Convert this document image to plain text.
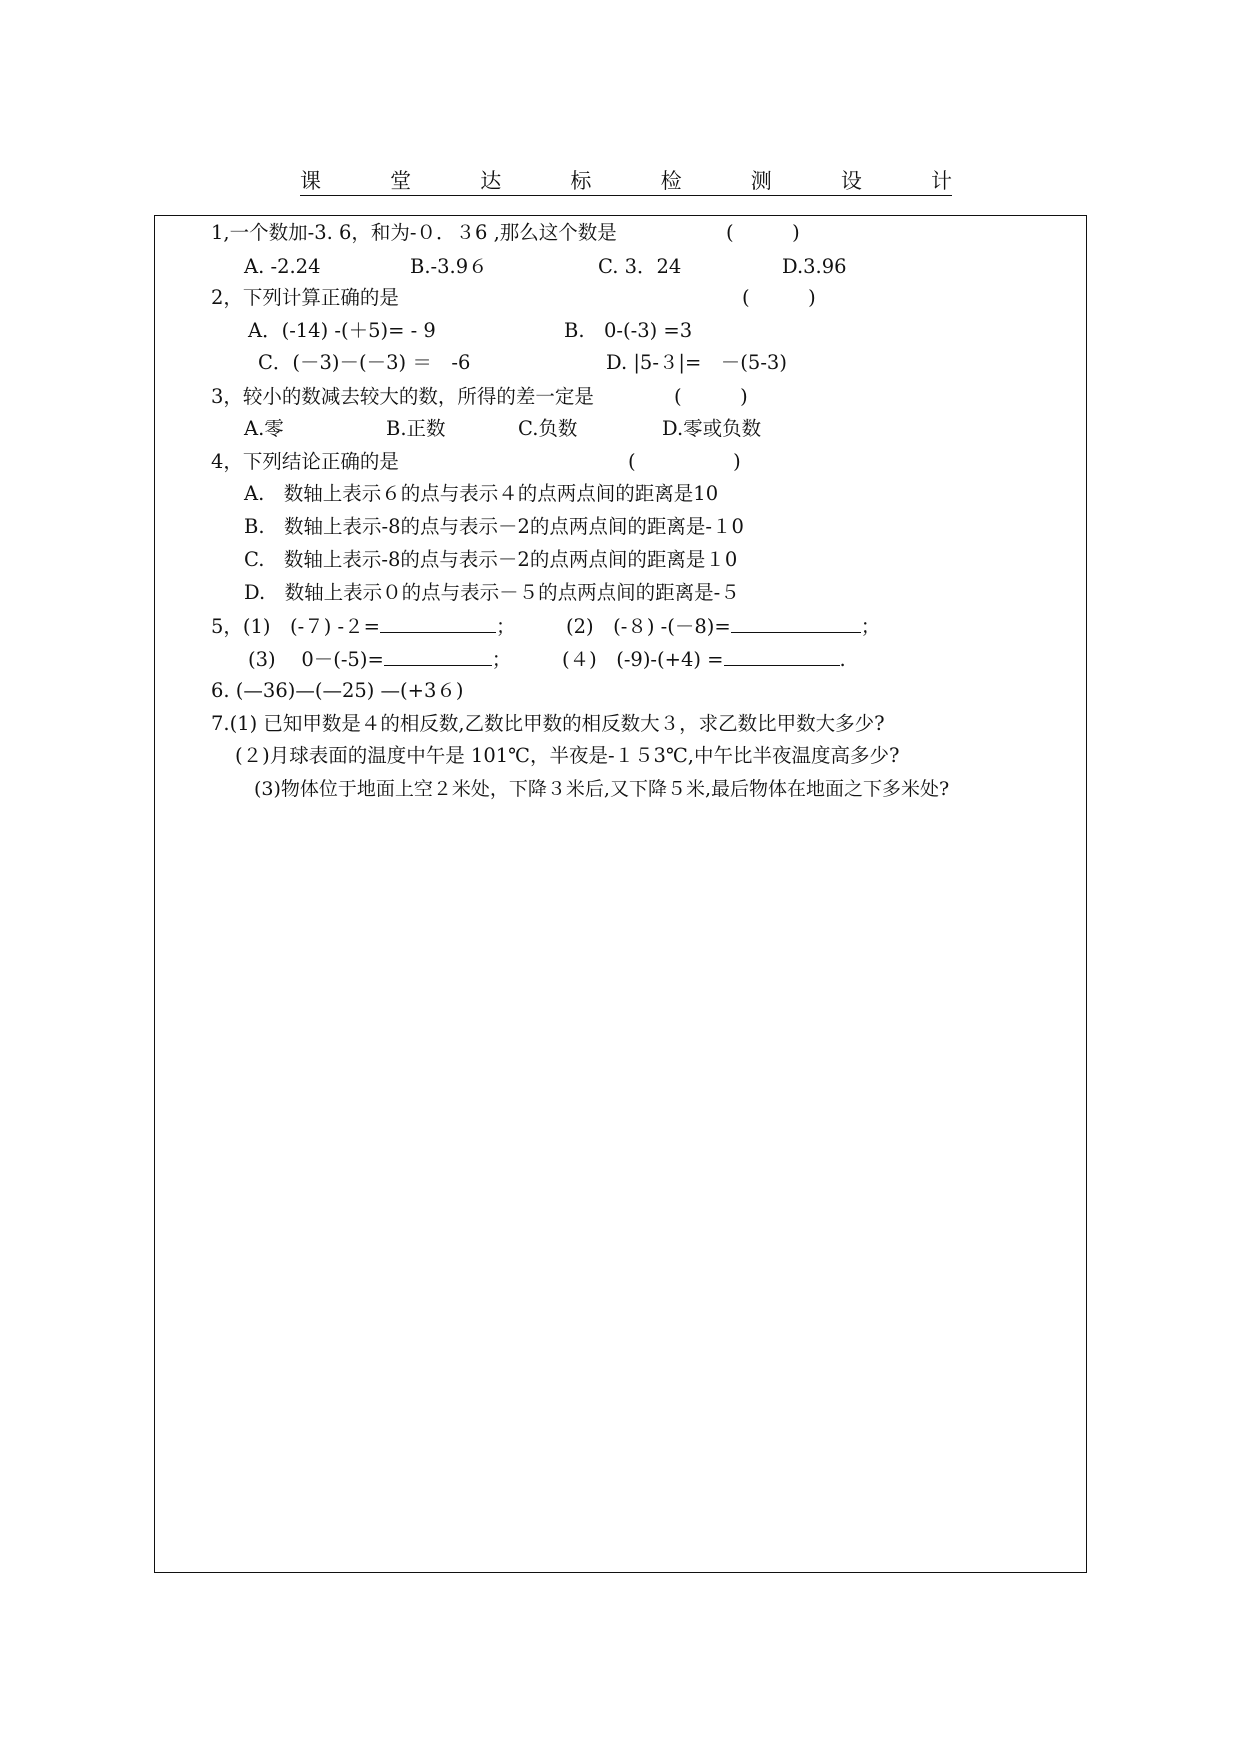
课	堂	达	标	检	测	设	计
1,一个数加-3. 6，和为-０．３6 ,那么这个数是	(　　　)
A. -2.24	B.-3.9６	C. 3．24	D.3.96
2，下列计算正确的是	(　　　)
A．(-14) -(＋5)= - 9	B.　0-(-3) =3
C．(－3)－(－3) ＝　-6	D. |5-３|=　－(5-3)
3，较小的数减去较大的数，所得的差一定是	(　　　)
A.零	B.正数	C.负数	D.零或负数
4，下列结论正确的是	(　　　　　)
A.　数轴上表示６的点与表示４的点两点间的距离是10
B.　数轴上表示-8的点与表示－2的点两点间的距离是-１0
C.　数轴上表示-8的点与表示－2的点两点间的距离是１0
D.　数轴上表示０的点与表示－５的点两点间的距离是-５
5，(1)　(-７) -２=	；	(2)　(-８) -(－8)=	；
(3)　 0－(-5)=	；	(４)　(-9)-(+4) =	.
6. (—36)—(—25) —(+3６)
7.(1) 已知甲数是４的相反数,乙数比甲数的相反数大３，求乙数比甲数大多少?
(２)月球表面的温度中午是 101℃，半夜是-１５3℃,中午比半夜温度高多少?
(3)物体位于地面上空２米处，下降３米后,又下降５米,最后物体在地面之下多米处?
